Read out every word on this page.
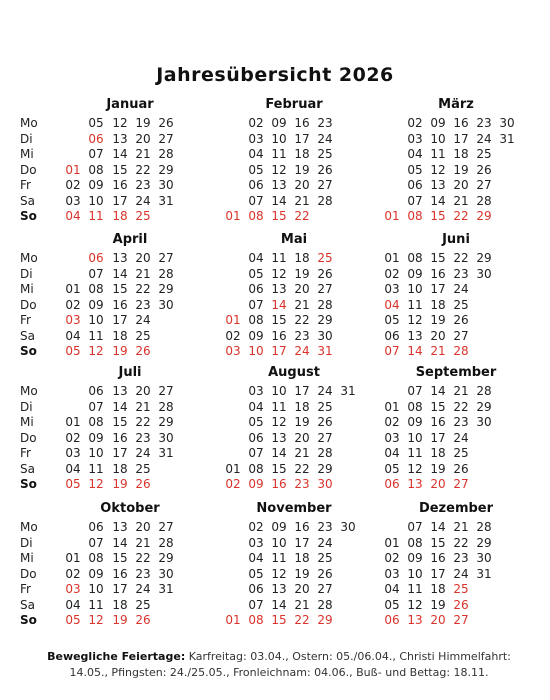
Jahresübersicht 2026
Mo
Di
Mi
Do
Fr
Sa
So
Januar
01
02
03
04
05
06
07
08
09
10
11
12
13
14
15
16
17
18
19
20
21
22
23
24
25
26
27
28
29
30
31
Februar
01
02
03
04
05
06
07
08
09
10
11
12
13
14
15
16
17
18
19
20
21
22
23
24
25
26
27
28
März
01
02
03
04
05
06
07
08
09
10
11
12
13
14
15
16
17
18
19
20
21
22
23
24
25
26
27
28
29
30
31
Mo
Di
Mi
Do
Fr
Sa
So
April
01
02
03
04
05
06
07
08
09
10
11
12
13
14
15
16
17
18
19
20
21
22
23
24
25
26
27
28
29
30
Mai
01
02
03
04
05
06
07
08
09
10
11
12
13
14
15
16
17
18
19
20
21
22
23
24
25
26
27
28
29
30
31
Juni
01
02
03
04
05
06
07
08
09
10
11
12
13
14
15
16
17
18
19
20
21
22
23
24
25
26
27
28
29
30
Mo
Di
Mi
Do
Fr
Sa
So
Juli
01
02
03
04
05
06
07
08
09
10
11
12
13
14
15
16
17
18
19
20
21
22
23
24
25
26
27
28
29
30
31
August
01
02
03
04
05
06
07
08
09
10
11
12
13
14
15
16
17
18
19
20
21
22
23
24
25
26
27
28
29
30
31
September
01
02
03
04
05
06
07
08
09
10
11
12
13
14
15
16
17
18
19
20
21
22
23
24
25
26
27
28
29
30
Mo
Di
Mi
Do
Fr
Sa
So
Oktober
01
02
03
04
05
06
07
08
09
10
11
12
13
14
15
16
17
18
19
20
21
22
23
24
25
26
27
28
29
30
31
November
01
02
03
04
05
06
07
08
09
10
11
12
13
14
15
16
17
18
19
20
21
22
23
24
25
26
27
28
29
30
Dezember
01
02
03
04
05
06
07
08
09
10
11
12
13
14
15
16
17
18
19
20
21
22
23
24
25
26
27
28
29
30
31
Bewegliche Feiertage: Karfreitag: 03.04., Ostern: 05./06.04., Christi Himmelfahrt: 14.05., Pfingsten: 24./25.05., Fronleichnam: 04.06., Buß- und Bettag: 18.11.
